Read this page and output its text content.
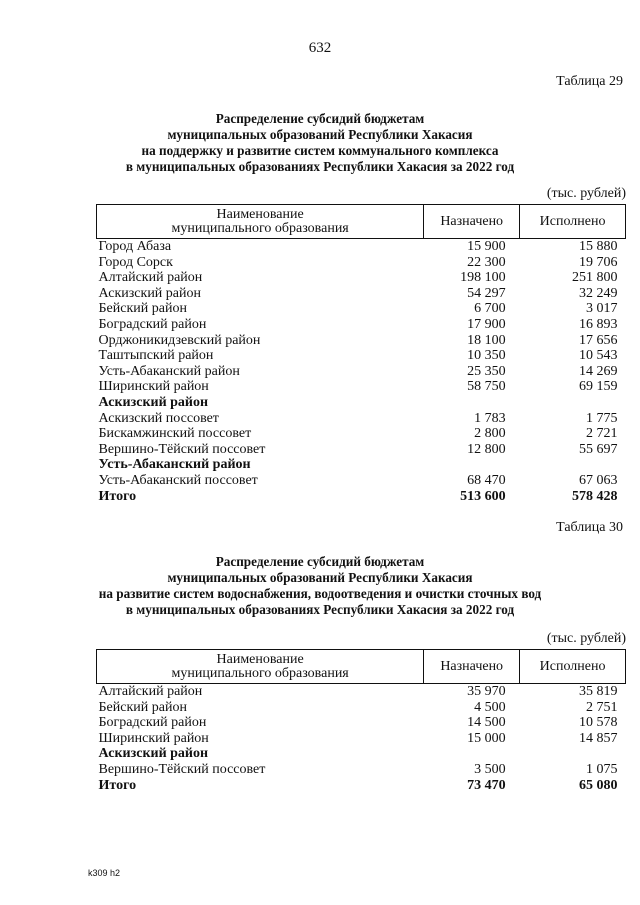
632
Таблица 29
Распределение субсидий бюджетам
муниципальных образований Республики Хакасия
на поддержку и развитие систем коммунального комплекса
в муниципальных образованиях Республики Хакасия за 2022 год
(тыс. рублей)
Наименование
муниципального образования	Назначено	Исполнено
Город Абаза	15 900	15 880
Город Сорск	22 300	19 706
Алтайский район	198 100	251 800
Аскизский район	54 297	32 249
Бейский район	6 700	3 017
Боградский район	17 900	16 893
Орджоникидзевский район	18 100	17 656
Таштыпский район	10 350	10 543
Усть-Абаканский район	25 350	14 269
Ширинский район	58 750	69 159
Аскизский район		
Аскизский поссовет	1 783	1 775
Бискамжинский поссовет	2 800	2 721
Вершино-Тёйский поссовет	12 800	55 697
Усть-Абаканский район		
Усть-Абаканский поссовет	68 470	67 063
Итого	513 600	578 428
Таблица 30
Распределение субсидий бюджетам
муниципальных образований Республики Хакасия
на развитие систем водоснабжения, водоотведения и очистки сточных вод
в муниципальных образованиях Республики Хакасия за 2022 год
(тыс. рублей)
Наименование
муниципального образования	Назначено	Исполнено
Алтайский район	35 970	35 819
Бейский район	4 500	2 751
Боградский район	14 500	10 578
Ширинский район	15 000	14 857
Аскизский район		
Вершино-Тёйский поссовет	3 500	1 075
Итого	73 470	65 080
k309 h2
